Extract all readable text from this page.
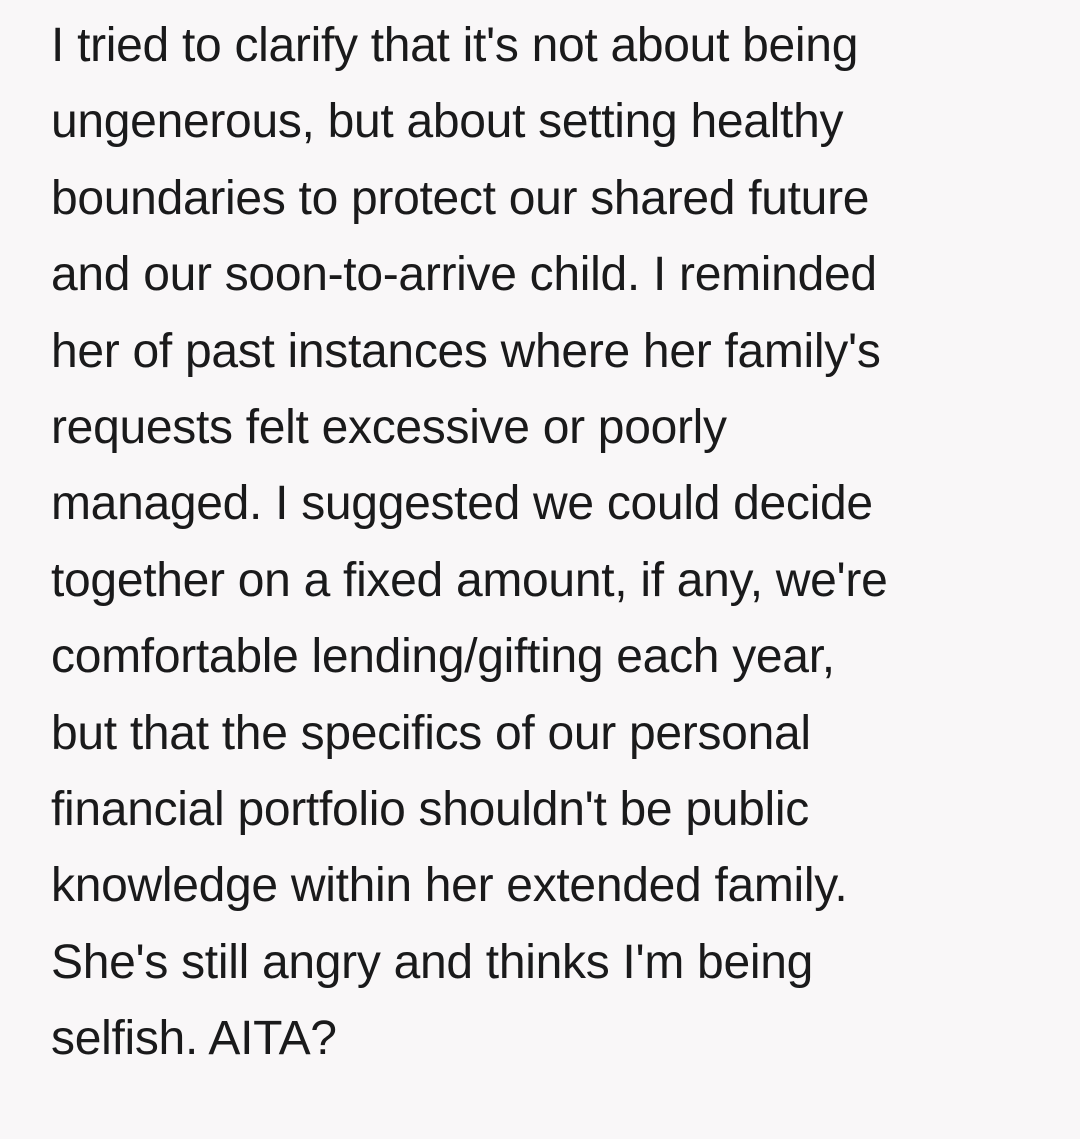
I tried to clarify that it's not about being
ungenerous, but about setting healthy
boundaries to protect our shared future
and our soon-to-arrive child. I reminded
her of past instances where her family's
requests felt excessive or poorly
managed. I suggested we could decide
together on a fixed amount, if any, we're
comfortable lending/gifting each year,
but that the specifics of our personal
financial portfolio shouldn't be public
knowledge within her extended family.
She's still angry and thinks I'm being
selfish. AITA?
